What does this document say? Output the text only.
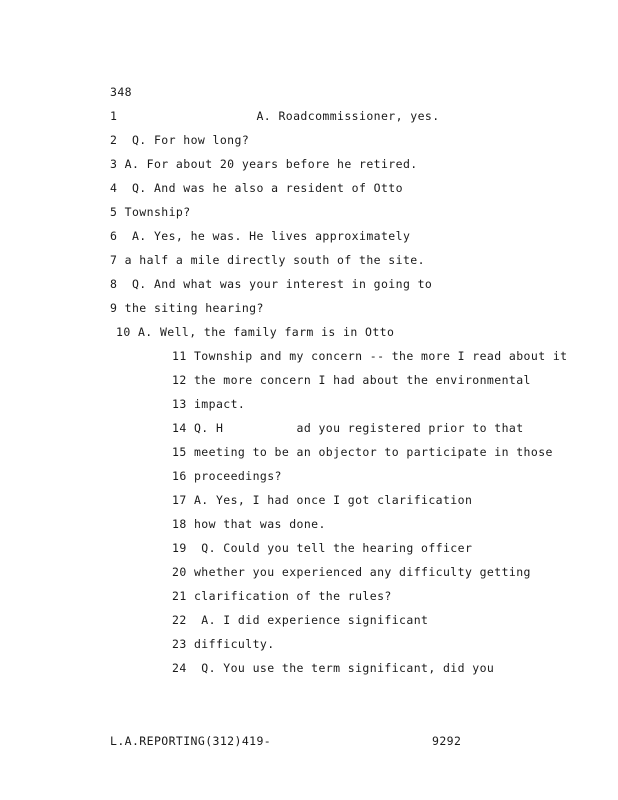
348
1                   A. Roadcommissioner, yes.
2  Q. For how long?
3 A. For about 20 years before he retired.
4  Q. And was he also a resident of Otto
5 Township?
6  A. Yes, he was. He lives approximately
7 a half a mile directly south of the site.
8  Q. And what was your interest in going to
9 the siting hearing?
10 A. Well, the family farm is in Otto
11 Township and my concern -- the more I read about it
12 the more concern I had about the environmental
13 impact.
14 Q. H          ad you registered prior to that
15 meeting to be an objector to participate in those
16 proceedings?
17 A. Yes, I had once I got clarification
18 how that was done.
19  Q. Could you tell the hearing officer
20 whether you experienced any difficulty getting
21 clarification of the rules?
22  A. I did experience significant
23 difficulty.
24  Q. You use the term significant, did you
L.A.REPORTING(312)419-	9292
